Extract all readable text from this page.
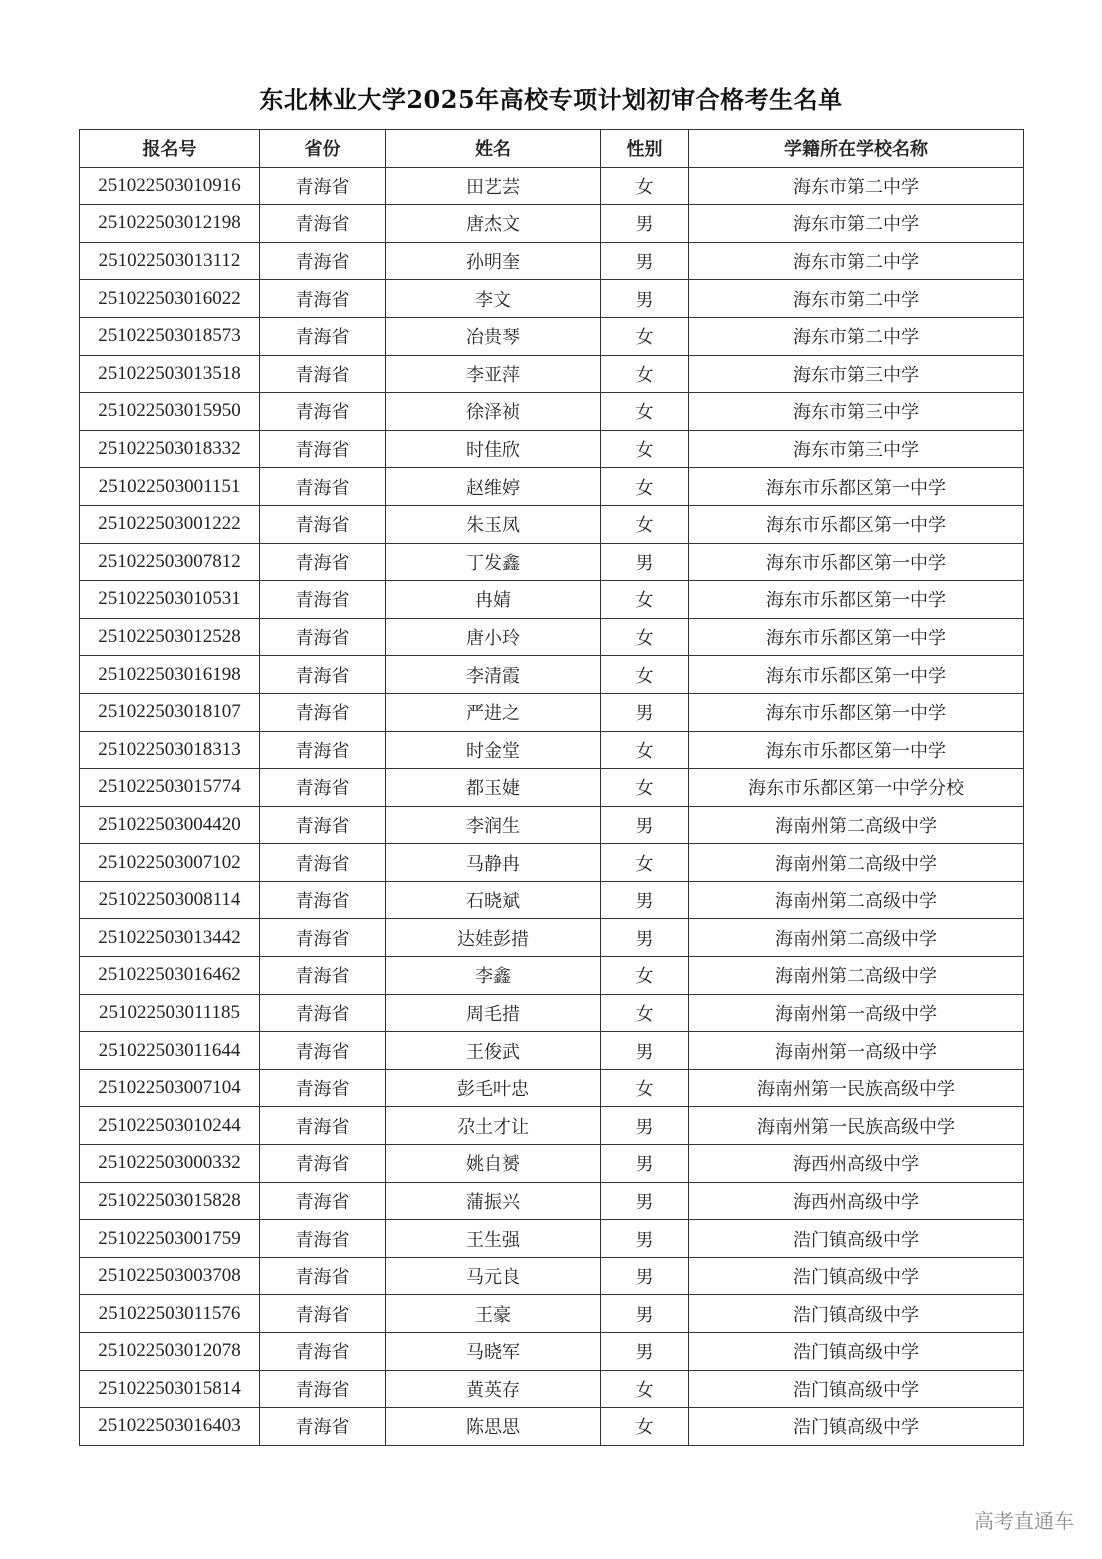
东北林业大学2025年高校专项计划初审合格考生名单
报名号	省份	姓名	性别	学籍所在学校名称
251022503010916	青海省	田艺芸	女	海东市第二中学
251022503012198	青海省	唐杰文	男	海东市第二中学
251022503013112	青海省	孙明奎	男	海东市第二中学
251022503016022	青海省	李文	男	海东市第二中学
251022503018573	青海省	冶贵琴	女	海东市第二中学
251022503013518	青海省	李亚萍	女	海东市第三中学
251022503015950	青海省	徐泽祯	女	海东市第三中学
251022503018332	青海省	时佳欣	女	海东市第三中学
251022503001151	青海省	赵维婷	女	海东市乐都区第一中学
251022503001222	青海省	朱玉凤	女	海东市乐都区第一中学
251022503007812	青海省	丁发鑫	男	海东市乐都区第一中学
251022503010531	青海省	冉婧	女	海东市乐都区第一中学
251022503012528	青海省	唐小玲	女	海东市乐都区第一中学
251022503016198	青海省	李清霞	女	海东市乐都区第一中学
251022503018107	青海省	严进之	男	海东市乐都区第一中学
251022503018313	青海省	时金堂	女	海东市乐都区第一中学
251022503015774	青海省	都玉婕	女	海东市乐都区第一中学分校
251022503004420	青海省	李润生	男	海南州第二高级中学
251022503007102	青海省	马静冉	女	海南州第二高级中学
251022503008114	青海省	石晓斌	男	海南州第二高级中学
251022503013442	青海省	达娃彭措	男	海南州第二高级中学
251022503016462	青海省	李鑫	女	海南州第二高级中学
251022503011185	青海省	周毛措	女	海南州第一高级中学
251022503011644	青海省	王俊武	男	海南州第一高级中学
251022503007104	青海省	彭毛叶忠	女	海南州第一民族高级中学
251022503010244	青海省	尕土才让	男	海南州第一民族高级中学
251022503000332	青海省	姚自赟	男	海西州高级中学
251022503015828	青海省	蒲振兴	男	海西州高级中学
251022503001759	青海省	王生强	男	浩门镇高级中学
251022503003708	青海省	马元良	男	浩门镇高级中学
251022503011576	青海省	王豪	男	浩门镇高级中学
251022503012078	青海省	马晓军	男	浩门镇高级中学
251022503015814	青海省	黄英存	女	浩门镇高级中学
251022503016403	青海省	陈思思	女	浩门镇高级中学
高考直通车
